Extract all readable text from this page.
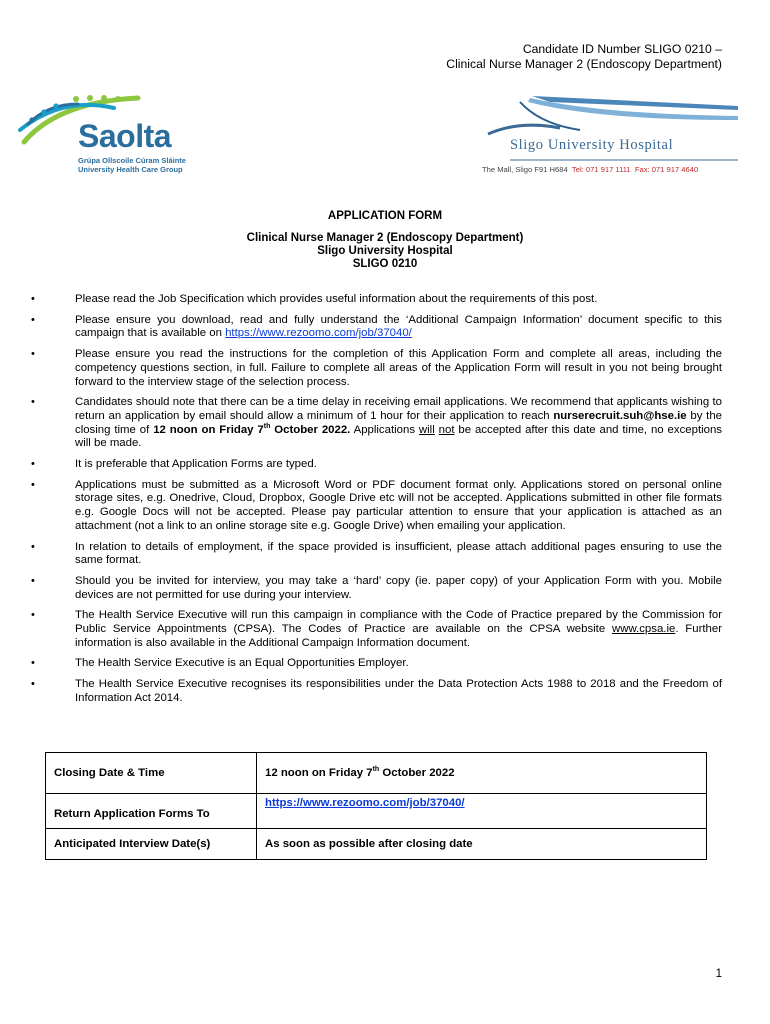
Candidate ID Number SLIGO 0210 –
Clinical Nurse Manager 2 (Endoscopy Department)
Saolta
Grúpa Ollscoile Cúram Sláinte
University Health Care Group
Sligo University Hospital
The Mall, Sligo F91 H684 Tel: 071 917 1111 Fax: 071 917 4640
APPLICATION FORM
Clinical Nurse Manager 2 (Endoscopy Department)
Sligo University Hospital
SLIGO 0210
•	Please read the Job Specification which provides useful information about the requirements of this post.
•	Please ensure you download, read and fully understand the ‘Additional Campaign Information’ document specific to this campaign that is available on https://www.rezoomo.com/job/37040/
•	Please ensure you read the instructions for the completion of this Application Form and complete all areas, including the competency questions section, in full. Failure to complete all areas of the Application Form will result in you not being brought forward to the interview stage of the selection process.
•	Candidates should note that there can be a time delay in receiving email applications. We recommend that applicants wishing to return an application by email should allow a minimum of 1 hour for their application to reach nurserecruit.suh@hse.ie by the closing time of 12 noon on Friday 7th October 2022. Applications will not be accepted after this date and time, no exceptions will be made.
•	It is preferable that Application Forms are typed.
•	Applications must be submitted as a Microsoft Word or PDF document format only. Applications stored on personal online storage sites, e.g. Onedrive, Cloud, Dropbox, Google Drive etc will not be accepted. Applications submitted in other file formats e.g. Google Docs will not be accepted. Please pay particular attention to ensure that your application is attached as an attachment (not a link to an online storage site e.g. Google Drive) when emailing your application.
•	In relation to details of employment, if the space provided is insufficient, please attach additional pages ensuring to use the same format.
•	Should you be invited for interview, you may take a ‘hard’ copy (ie. paper copy) of your Application Form with you. Mobile devices are not permitted for use during your interview.
•	The Health Service Executive will run this campaign in compliance with the Code of Practice prepared by the Commission for Public Service Appointments (CPSA). The Codes of Practice are available on the CPSA website www.cpsa.ie. Further information is also available in the Additional Campaign Information document.
•	The Health Service Executive is an Equal Opportunities Employer.
•	The Health Service Executive recognises its responsibilities under the Data Protection Acts 1988 to 2018 and the Freedom of Information Act 2014.
Closing Date & Time	12 noon on Friday 7th October 2022
Return Application Forms To	https://www.rezoomo.com/job/37040/
Anticipated Interview Date(s)	As soon as possible after closing date
1
